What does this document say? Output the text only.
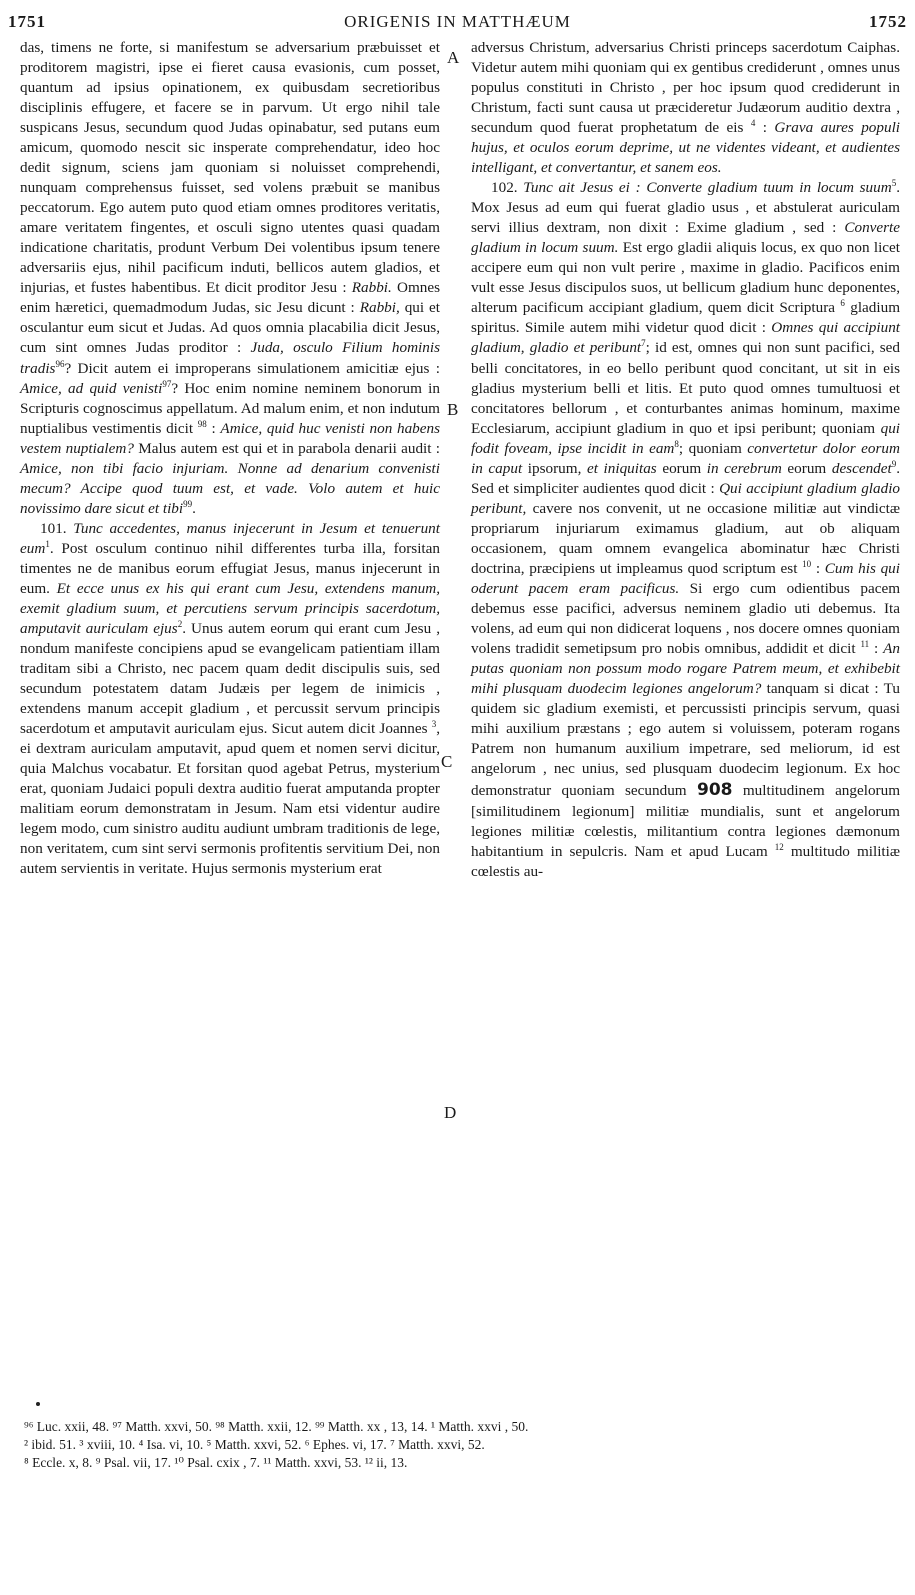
1751	ORIGENIS IN MATTHÆUM	1752
A
B
C
D

das, timens ne forte, si manifestum se adversarium præbuisset et proditorem magistri, ipse ei fieret causa evasionis, cum posset, quantum ad ipsius opinationem, ex quibusdam secretioribus disciplinis effugere, et facere se in parvum. Ut ergo nihil tale suspicans Jesus, secundum quod Judas opinabatur, sed putans eum amicum, quomodo nescit sic insperate comprehendatur, ideo hoc dedit signum, sciens jam quoniam si noluisset comprehendi, nunquam comprehensus fuisset, sed volens præbuit se manibus peccatorum. Ego autem puto quod etiam omnes proditores veritatis, amare veritatem fingentes, et osculi signo utentes quasi quadam indicatione charitatis, produnt Verbum Dei volentibus ipsum tenere adversariis ejus, nihil pacificum induti, bellicos autem gladios, et injurias, et fustes habentibus. Et dicit proditor Jesu : Rabbi. Omnes enim hæretici, quemadmodum Judas, sic Jesu dicunt : Rabbi, qui et osculantur eum sicut et Judas. Ad quos omnia placabilia dicit Jesus, cum sint omnes Judas proditor : Juda, osculo Filium hominis tradis$^{96}$? Dicit autem ei improperans simulationem amicitiæ ejus : Amice, ad quid venisti$^{97}$? Hoc enim nomine neminem bonorum in Scripturis cognoscimus appellatum. Ad malum enim, et non indutum nuptialibus vestimentis dicit $^{98}$ : Amice, quid huc venisti non habens vestem nuptialem? Malus autem est qui et in parabola denarii audit : Amice, non tibi facio injuriam. Nonne ad denarium convenisti mecum? Accipe quod tuum est, et vade. Volo autem et huic novissimo dare sicut et tibi$^{99}$.

101. Tunc accedentes, manus injecerunt in Jesum et tenuerunt eum$^1$. Post osculum continuo nihil differentes turba illa, forsitan timentes ne de manibus eorum effugiat Jesus, manus injecerunt in eum. Et ecce unus ex his qui erant cum Jesu, extendens manum, exemit gladium suum, et percutiens servum principis sacerdotum, amputavit auriculam ejus$^2$. Unus autem eorum qui erant cum Jesu , nondum manifeste concipiens apud se evangelicam patientiam illam traditam sibi a Christo, nec pacem quam dedit discipulis suis, sed secundum potestatem datam Judæis per legem de inimicis , extendens manum accepit gladium , et percussit servum principis sacerdotum et amputavit auriculam ejus. Sicut autem dicit Joannes $^3$, ei dextram auriculam amputavit, apud quem et nomen servi dicitur, quia Malchus vocabatur. Et forsitan quod agebat Petrus, mysterium erat, quoniam Judaici populi dextra auditio fuerat amputanda propter malitiam eorum demonstratam in Jesum. Nam etsi videntur audire legem modo, cum sinistro auditu audiunt umbram traditionis de lege, non veritatem, cum sint servi sermonis profitentis servitium Dei, non autem servientis in veritate. Hujus sermonis mysterium erat

adversus Christum, adversarius Christi princeps sacerdotum Caiphas. Videtur autem mihi quoniam qui ex gentibus crediderunt , omnes unus populus constituti in Christo , per hoc ipsum quod crediderunt in Christum, facti sunt causa ut præcideretur Judæorum auditio dextra , secundum quod fuerat prophetatum de eis $^4$ : Grava aures populi hujus, et oculos eorum deprime, ut ne videntes videant, et audientes intelligant, et convertantur, et sanem eos.

102. Tunc ait Jesus ei : Converte gladium tuum in locum suum$^5$. Mox Jesus ad eum qui fuerat gladio usus , et abstulerat auriculam servi illius dextram, non dixit : Exime gladium , sed : Converte gladium in locum suum. Est ergo gladii aliquis locus, ex quo non licet accipere eum qui non vult perire , maxime in gladio. Pacificos enim vult esse Jesus discipulos suos, ut bellicum gladium hunc deponentes, alterum pacificum accipiant gladium, quem dicit Scriptura $^6$ gladium spiritus. Simile autem mihi videtur quod dicit : Omnes qui accipiunt gladium, gladio et peribunt$^7$; id est, omnes qui non sunt pacifici, sed belli concitatores, in eo bello peribunt quod concitant, ut sit in eis gladius mysterium belli et litis. Et puto quod omnes tumultuosi et concitatores bellorum , et conturbantes animas hominum, maxime Ecclesiarum, accipiunt gladium in quo et ipsi peribunt; quoniam qui fodit foveam, ipse incidit in eam$^8$; quoniam convertetur dolor eorum in caput ipsorum, et iniquitas eorum in cerebrum eorum descendet$^9$. Sed et simpliciter audientes quod dicit : Qui accipiunt gladium gladio peribunt, cavere nos convenit, ut ne occasione militiæ aut vindictæ propriarum injuriarum eximamus gladium, aut ob aliquam occasionem, quam omnem evangelica abominatur hæc Christi doctrina, præcipiens ut impleamus quod scriptum est $^{10}$ : Cum his qui oderunt pacem eram pacificus. Si ergo cum odientibus pacem debemus esse pacifici, adversus neminem gladio uti debemus. Ita volens, ad eum qui non didicerat loquens , nos docere omnes quoniam volens tradidit semetipsum pro nobis omnibus, addidit et dicit $^{11}$ : An putas quoniam non possum modo rogare Patrem meum, et exhibebit mihi plusquam duodecim legiones angelorum? tanquam si dicat : Tu quidem sic gladium exemisti, et percussisti principis servum, quasi mihi auxilium præstans ; ego autem si voluissem, poteram rogans Patrem non humanum auxilium impetrare, sed meliorum, id est angelorum , nec unius, sed plusquam duodecim legionum. Ex hoc demonstratur quoniam secundum 908 multitudinem angelorum [similitudinem legionum] militiæ mundialis, sunt et angelorum legiones militiæ cœlestis, militantium contra legiones dæmonum habitantium in sepulcris. Nam et apud Lucam $^{12}$ multitudo militiæ cœlestis au-

⁹⁶ Luc. xxii, 48. ⁹⁷ Matth. xxvi, 50. ⁹⁸ Matth. xxii, 12. ⁹⁹ Matth. xx , 13, 14. ¹ Matth. xxvi , 50.
² ibid. 51. ³ xviii, 10. ⁴ Isa. vi, 10. ⁵ Matth. xxvi, 52. ⁶ Ephes. vi, 17. ⁷ Matth. xxvi, 52.
⁸ Eccle. x, 8. ⁹ Psal. vii, 17. ¹⁰ Psal. cxix , 7. ¹¹ Matth. xxvi, 53. ¹² ii, 13.
